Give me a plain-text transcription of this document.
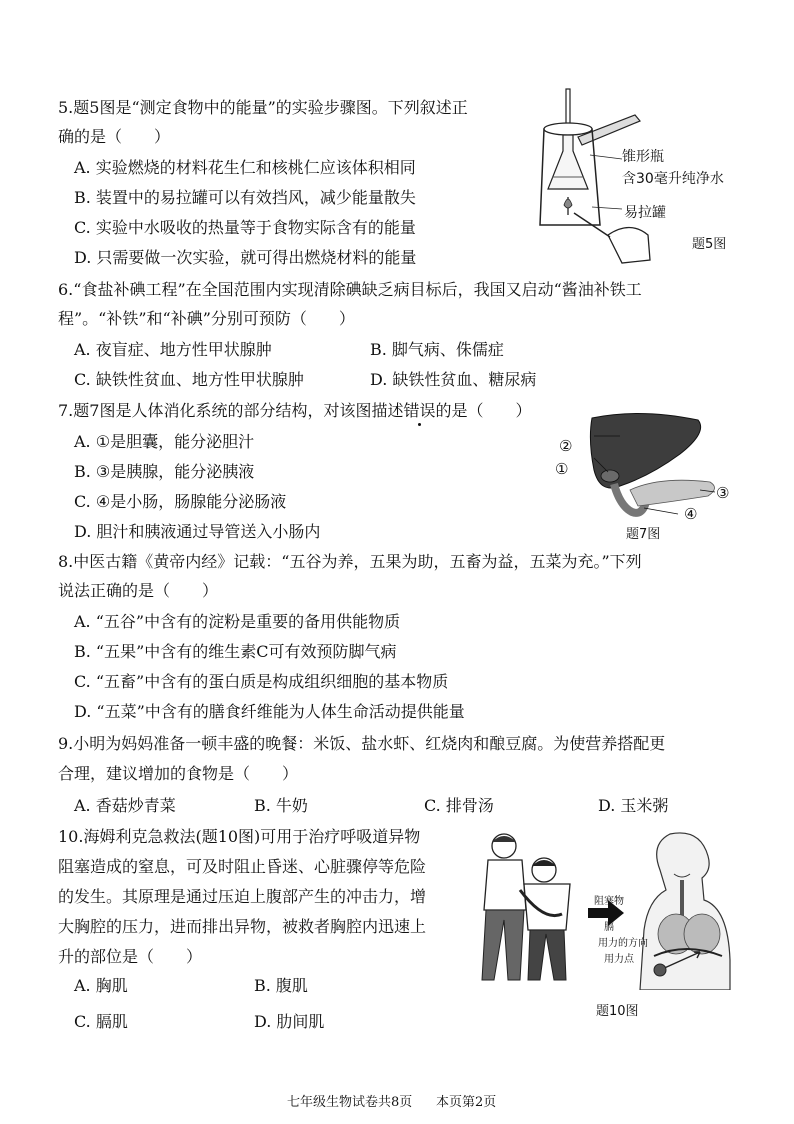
5.题5图是“测定食物中的能量”的实验步骤图。下列叙述正
确的是（　　）
A. 实验燃烧的材料花生仁和核桃仁应该体积相同
B. 装置中的易拉罐可以有效挡风，减少能量散失
C. 实验中水吸收的热量等于食物实际含有的能量
D. 只需要做一次实验，就可得出燃烧材料的能量
锥形瓶
含30毫升纯净水
易拉罐
题5图
6.“食盐补碘工程”在全国范围内实现清除碘缺乏病目标后，我国又启动“酱油补铁工
程”。“补铁”和“补碘”分别可预防（　　）
A. 夜盲症、地方性甲状腺肿	B. 脚气病、侏儒症
C. 缺铁性贫血、地方性甲状腺肿	D. 缺铁性贫血、糖尿病
7.题7图是人体消化系统的部分结构，对该图描述错误的是（　　）
A. ①是胆囊，能分泌胆汁
B. ③是胰腺，能分泌胰液
C. ④是小肠，肠腺能分泌肠液
D. 胆汁和胰液通过导管送入小肠内
②
①
③
④
题7图
8.中医古籍《黄帝内经》记载：“五谷为养，五果为助，五畜为益，五菜为充。”下列
说法正确的是（　　）
A. “五谷”中含有的淀粉是重要的备用供能物质
B. “五果”中含有的维生素C可有效预防脚气病
C. “五畜”中含有的蛋白质是构成组织细胞的基本物质
D. “五菜”中含有的膳食纤维能为人体生命活动提供能量
9.小明为妈妈准备一顿丰盛的晚餐：米饭、盐水虾、红烧肉和酿豆腐。为使营养搭配更
合理，建议增加的食物是（　　）
A. 香菇炒青菜	B. 牛奶	C. 排骨汤	D. 玉米粥
10.海姆利克急救法(题10图)可用于治疗呼吸道异物
阻塞造成的窒息，可及时阻止昏迷、心脏骤停等危险
的发生。其原理是通过压迫上腹部产生的冲击力，增
大胸腔的压力，进而排出异物，被救者胸腔内迅速上
升的部位是（　　）
A. 胸肌	B. 腹肌
C. 膈肌	D. 肋间肌
阻塞物
膈
用力的方向
用力点
题10图
七年级生物试卷共8页 本页第2页
